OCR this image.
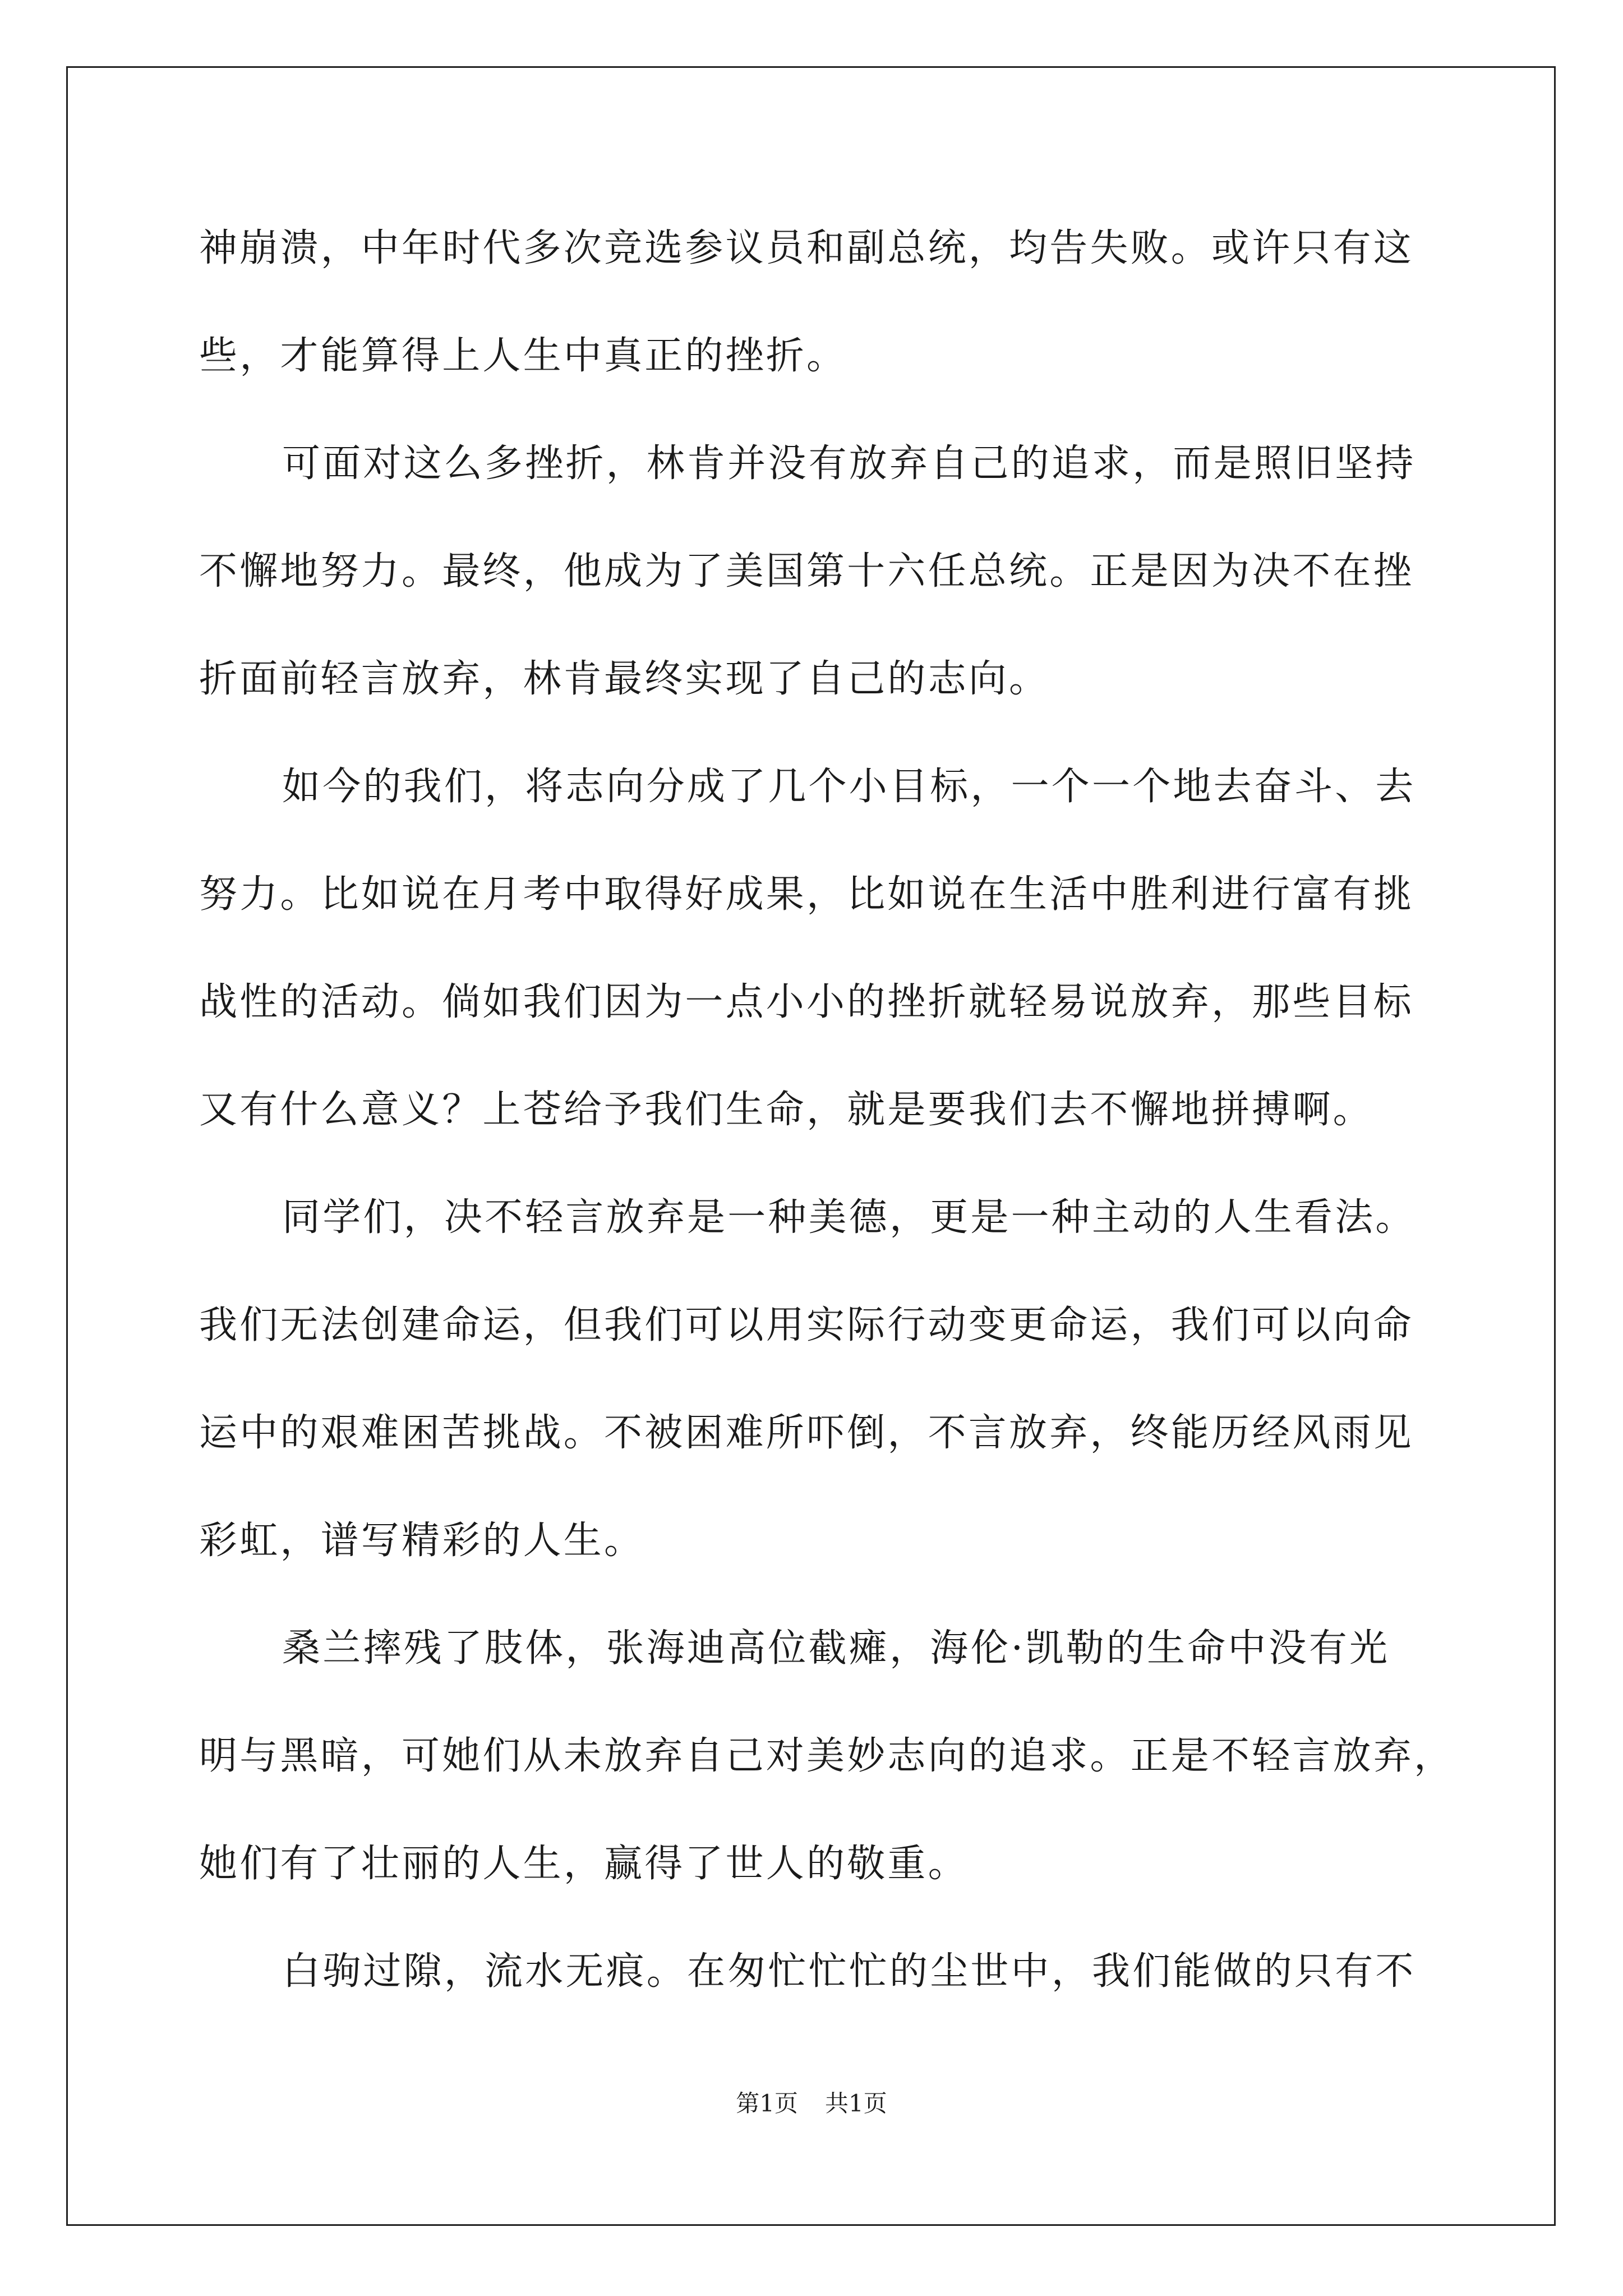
神崩溃，中年时代多次竞选参议员和副总统，均告失败。或许只有这
些，才能算得上人生中真正的挫折。
可面对这么多挫折，林肯并没有放弃自己的追求，而是照旧坚持
不懈地努力。最终，他成为了美国第十六任总统。正是因为决不在挫
折面前轻言放弃，林肯最终实现了自己的志向。
如今的我们，将志向分成了几个小目标，一个一个地去奋斗、去
努力。比如说在月考中取得好成果，比如说在生活中胜利进行富有挑
战性的活动。倘如我们因为一点小小的挫折就轻易说放弃，那些目标
又有什么意义？上苍给予我们生命，就是要我们去不懈地拼搏啊。
同学们，决不轻言放弃是一种美德，更是一种主动的人生看法。
我们无法创建命运，但我们可以用实际行动变更命运，我们可以向命
运中的艰难困苦挑战。不被困难所吓倒，不言放弃，终能历经风雨见
彩虹，谱写精彩的人生。
桑兰摔残了肢体，张海迪高位截瘫，海伦·凯勒的生命中没有光
明与黑暗，可她们从未放弃自己对美妙志向的追求。正是不轻言放弃，
她们有了壮丽的人生，赢得了世人的敬重。
白驹过隙，流水无痕。在匆忙忙忙的尘世中，我们能做的只有不
第1页 共1页
